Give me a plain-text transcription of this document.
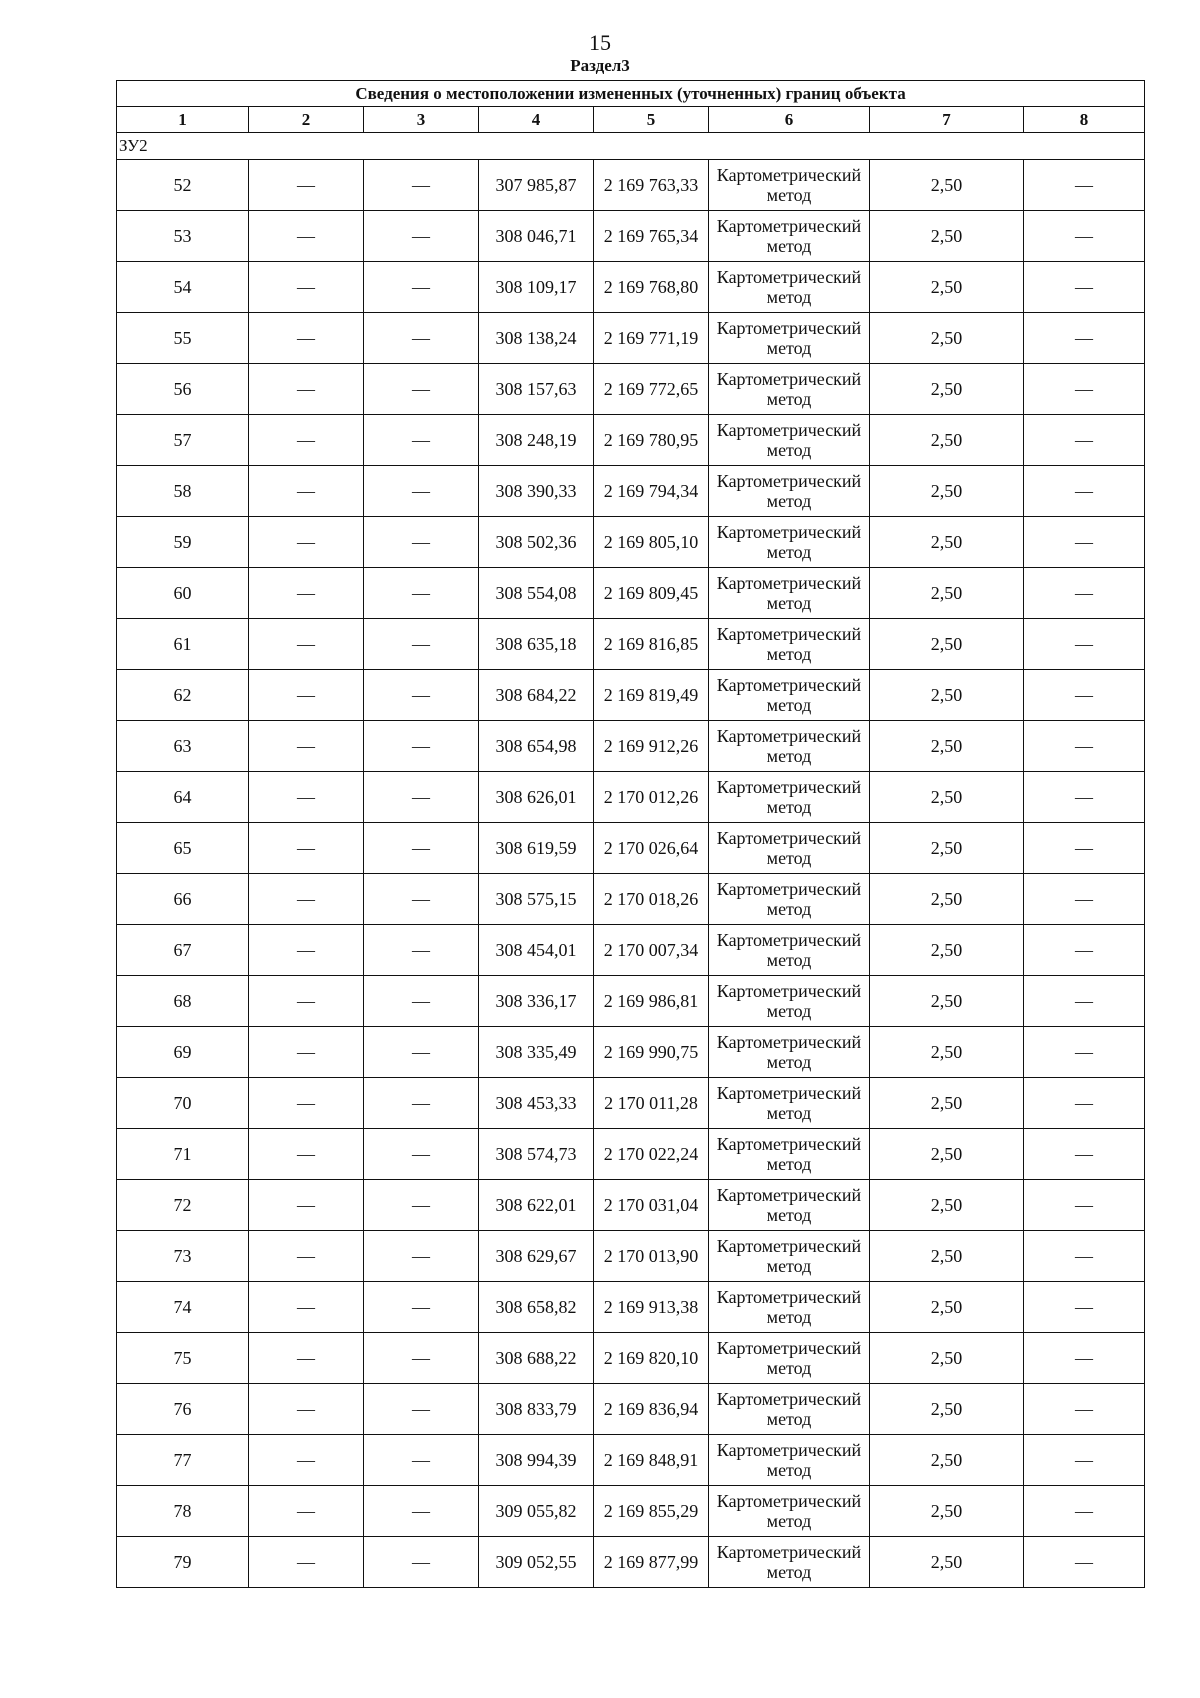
15
Раздел3
Сведения о местоположении измененных (уточненных) границ объекта							
1	2	3	4	5	6	7	8
ЗУ2							
52	—	—	307 985,87	2 169 763,33	Картометрический метод	2,50	—
53	—	—	308 046,71	2 169 765,34	Картометрический метод	2,50	—
54	—	—	308 109,17	2 169 768,80	Картометрический метод	2,50	—
55	—	—	308 138,24	2 169 771,19	Картометрический метод	2,50	—
56	—	—	308 157,63	2 169 772,65	Картометрический метод	2,50	—
57	—	—	308 248,19	2 169 780,95	Картометрический метод	2,50	—
58	—	—	308 390,33	2 169 794,34	Картометрический метод	2,50	—
59	—	—	308 502,36	2 169 805,10	Картометрический метод	2,50	—
60	—	—	308 554,08	2 169 809,45	Картометрический метод	2,50	—
61	—	—	308 635,18	2 169 816,85	Картометрический метод	2,50	—
62	—	—	308 684,22	2 169 819,49	Картометрический метод	2,50	—
63	—	—	308 654,98	2 169 912,26	Картометрический метод	2,50	—
64	—	—	308 626,01	2 170 012,26	Картометрический метод	2,50	—
65	—	—	308 619,59	2 170 026,64	Картометрический метод	2,50	—
66	—	—	308 575,15	2 170 018,26	Картометрический метод	2,50	—
67	—	—	308 454,01	2 170 007,34	Картометрический метод	2,50	—
68	—	—	308 336,17	2 169 986,81	Картометрический метод	2,50	—
69	—	—	308 335,49	2 169 990,75	Картометрический метод	2,50	—
70	—	—	308 453,33	2 170 011,28	Картометрический метод	2,50	—
71	—	—	308 574,73	2 170 022,24	Картометрический метод	2,50	—
72	—	—	308 622,01	2 170 031,04	Картометрический метод	2,50	—
73	—	—	308 629,67	2 170 013,90	Картометрический метод	2,50	—
74	—	—	308 658,82	2 169 913,38	Картометрический метод	2,50	—
75	—	—	308 688,22	2 169 820,10	Картометрический метод	2,50	—
76	—	—	308 833,79	2 169 836,94	Картометрический метод	2,50	—
77	—	—	308 994,39	2 169 848,91	Картометрический метод	2,50	—
78	—	—	309 055,82	2 169 855,29	Картометрический метод	2,50	—
79	—	—	309 052,55	2 169 877,99	Картометрический метод	2,50	—
